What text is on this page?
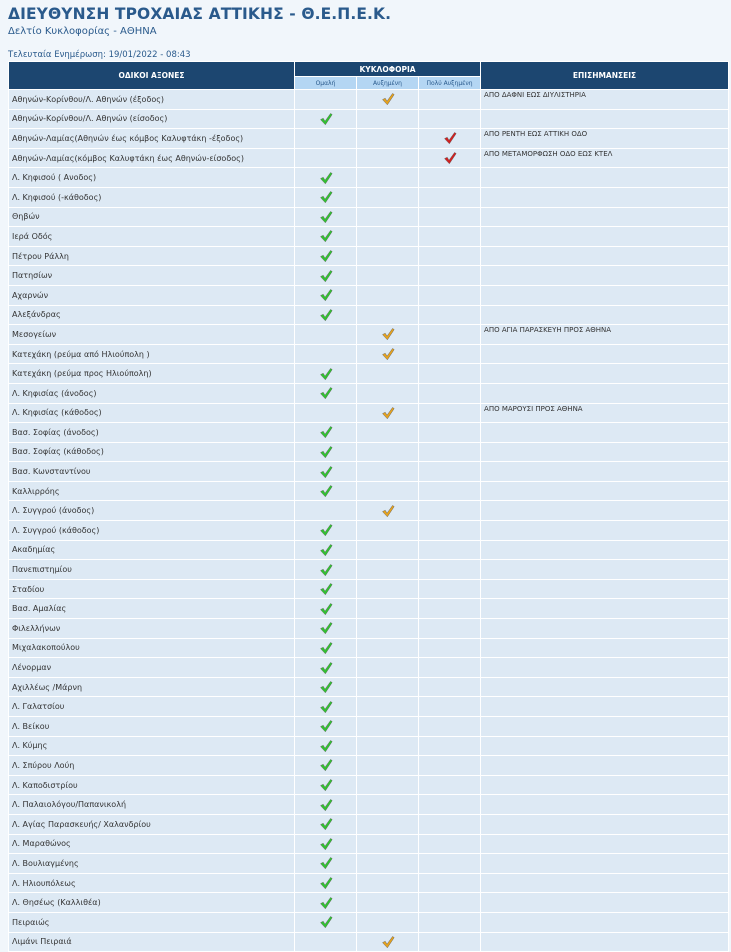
ΔΙΕΥΘΥΝΣΗ ΤΡΟΧΑΙΑΣ ΑΤΤΙΚΗΣ - Θ.Ε.Π.Ε.Κ.
Δελτίο Κυκλοφορίας - ΑΘΗΝΑ
Τελευταία Ενημέρωση: 19/01/2022 - 08:43
ΟΔΙΚΟΙ ΑΞΟΝΕΣ	ΚΥΚΛΟΦΟΡΙΑ			ΕΠΙΣΗΜΑΝΣΕΙΣ
	Ομαλή	Αυξημένη	Πολύ Αυξημένη	
Αθηνών-Κορίνθου/Λ. Αθηνών (έξοδος)				ΑΠΟ ΔΑΦΝΙ ΕΩΣ ΔΙΥΛΙΣΤΗΡΙΑ
Αθηνών-Κορίνθου/Λ. Αθηνών (είσοδος)				
Αθηνών-Λαμίας(Αθηνών έως κόμβος Καλυφτάκη -έξοδος)				ΑΠΟ ΡΕΝΤΗ ΕΩΣ ΑΤΤΙΚΗ ΟΔΟ
Αθηνών-Λαμίας(κόμβος Καλυφτάκη έως Αθηνών-είσοδος)				ΑΠΟ ΜΕΤΑΜΟΡΦΩΣΗ ΟΔΟ ΕΩΣ ΚΤΕΛ
Λ. Κηφισού ( Ανοδος)				
Λ. Κηφισού (-κάθοδος)				
Θηβών				
Ιερά Οδός				
Πέτρου Ράλλη				
Πατησίων				
Αχαρνών				
Αλεξάνδρας				
Μεσογείων				ΑΠΟ ΑΓΙΑ ΠΑΡΑΣΚΕΥΗ ΠΡΟΣ ΑΘΗΝΑ
Κατεχάκη (ρεύμα από Ηλιούπολη )				
Κατεχάκη (ρεύμα προς Ηλιούπολη)				
Λ. Κηφισίας (άνοδος)				
Λ. Κηφισίας (κάθοδος)				ΑΠΟ ΜΑΡΟΥΣΙ ΠΡΟΣ ΑΘΗΝΑ
Βασ. Σοφίας (άνοδος)				
Βασ. Σοφίας (κάθοδος)				
Βασ. Κωνσταντίνου				
Καλλιρρόης				
Λ. Συγγρού (άνοδος)				
Λ. Συγγρού (κάθοδος)				
Ακαδημίας				
Πανεπιστημίου				
Σταδίου				
Βασ. Αμαλίας				
Φιλελλήνων				
Μιχαλακοπούλου				
Λένορμαν				
Αχιλλέως /Μάρνη				
Λ. Γαλατσίου				
Λ. Βείκου				
Λ. Κύμης				
Λ. Σπύρου Λούη				
Λ. Καποδιστρίου				
Λ. Παλαιολόγου/Παπανικολή				
Λ. Αγίας Παρασκευής/ Χαλανδρίου				
Λ. Μαραθώνος				
Λ. Βουλιαγμένης				
Λ. Ηλιουπόλεως				
Λ. Θησέως (Καλλιθέα)				
Πειραιώς				
Λιμάνι Πειραιά				
